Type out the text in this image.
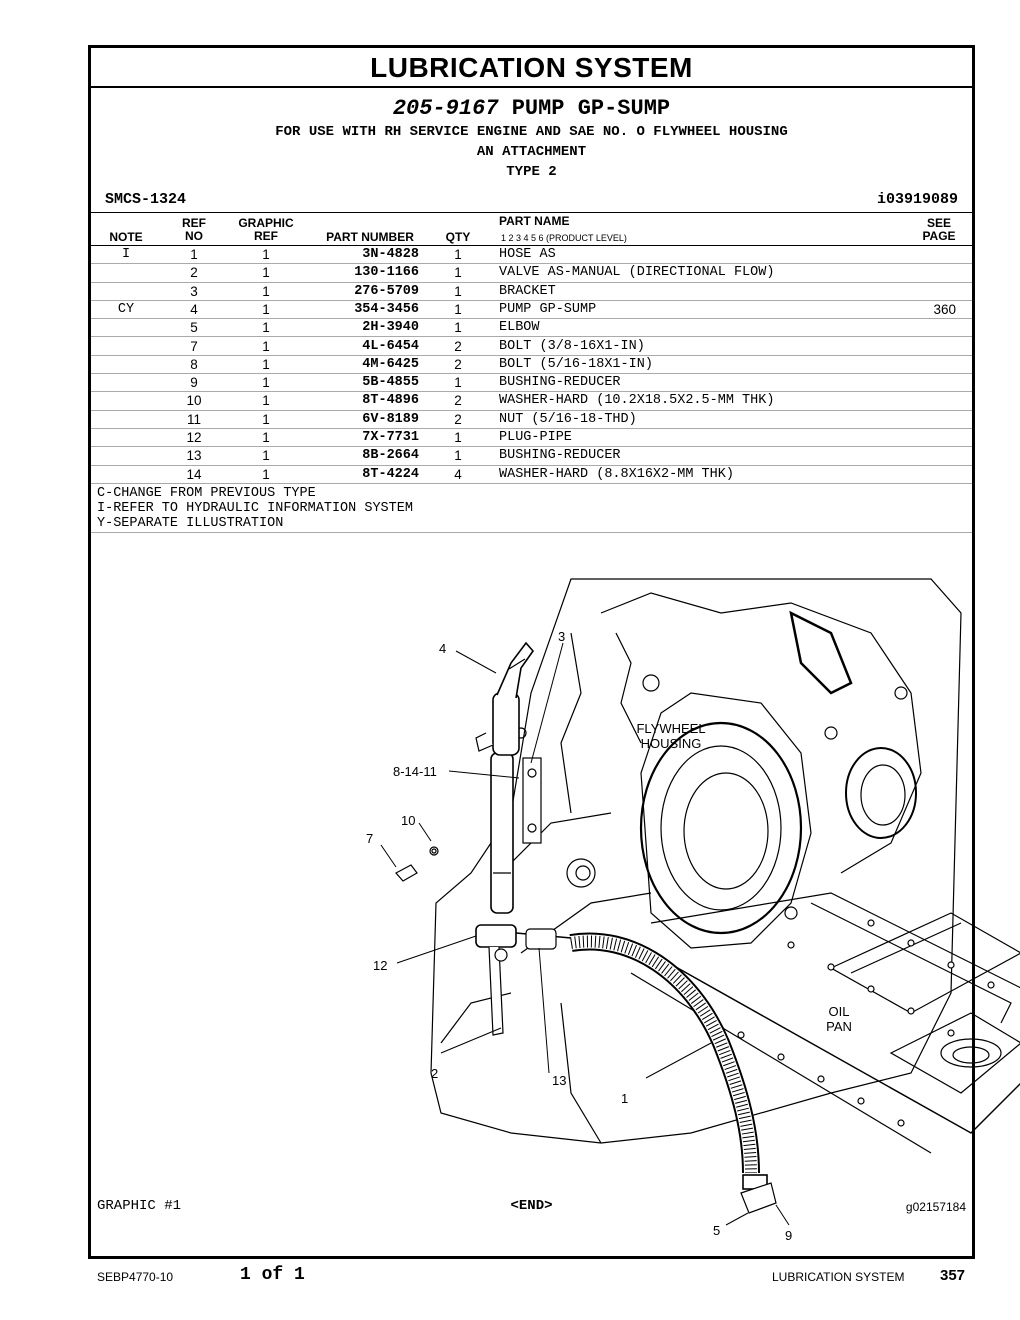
LUBRICATION SYSTEM
205-9167 PUMP GP-SUMP
FOR USE WITH RH SERVICE ENGINE AND SAE NO. O FLYWHEEL HOUSING
AN ATTACHMENT
TYPE 2
SMCS-1324	i03919089
NOTE
REF
NO
GRAPHIC
REF	PART NUMBER	QTY
PART NAME
1 2 3 4 5 6 (PRODUCT LEVEL)
SEE
PAGE
I	1	1	3N-4828	1	HOSE AS
2	1	130-1166	1	VALVE AS-MANUAL (DIRECTIONAL FLOW)
3	1	276-5709	1	BRACKET
CY	4	1	354-3456	1	PUMP GP-SUMP	360
5	1	2H-3940	1	ELBOW
7	1	4L-6454	2	BOLT (3/8-16X1-IN)
8	1	4M-6425	2	BOLT (5/16-18X1-IN)
9	1	5B-4855	1	BUSHING-REDUCER
10	1	8T-4896	2	WASHER-HARD (10.2X18.5X2.5-MM THK)
11	1	6V-8189	2	NUT (5/16-18-THD)
12	1	7X-7731	1	PLUG-PIPE
13	1	8B-2664	1	BUSHING-REDUCER
14	1	8T-4224	4	WASHER-HARD (8.8X16X2-MM THK)
C-CHANGE FROM PREVIOUS TYPE
I-REFER TO HYDRAULIC INFORMATION SYSTEM
Y-SEPARATE ILLUSTRATION
FLYWHEEL
HOUSING
OIL
PAN
4
3
8-14-11
10
7
12
2	13
1
5	9
GRAPHIC #1	<END>	g02157184
SEBP4770-10	1 of 1	LUBRICATION SYSTEM 357
